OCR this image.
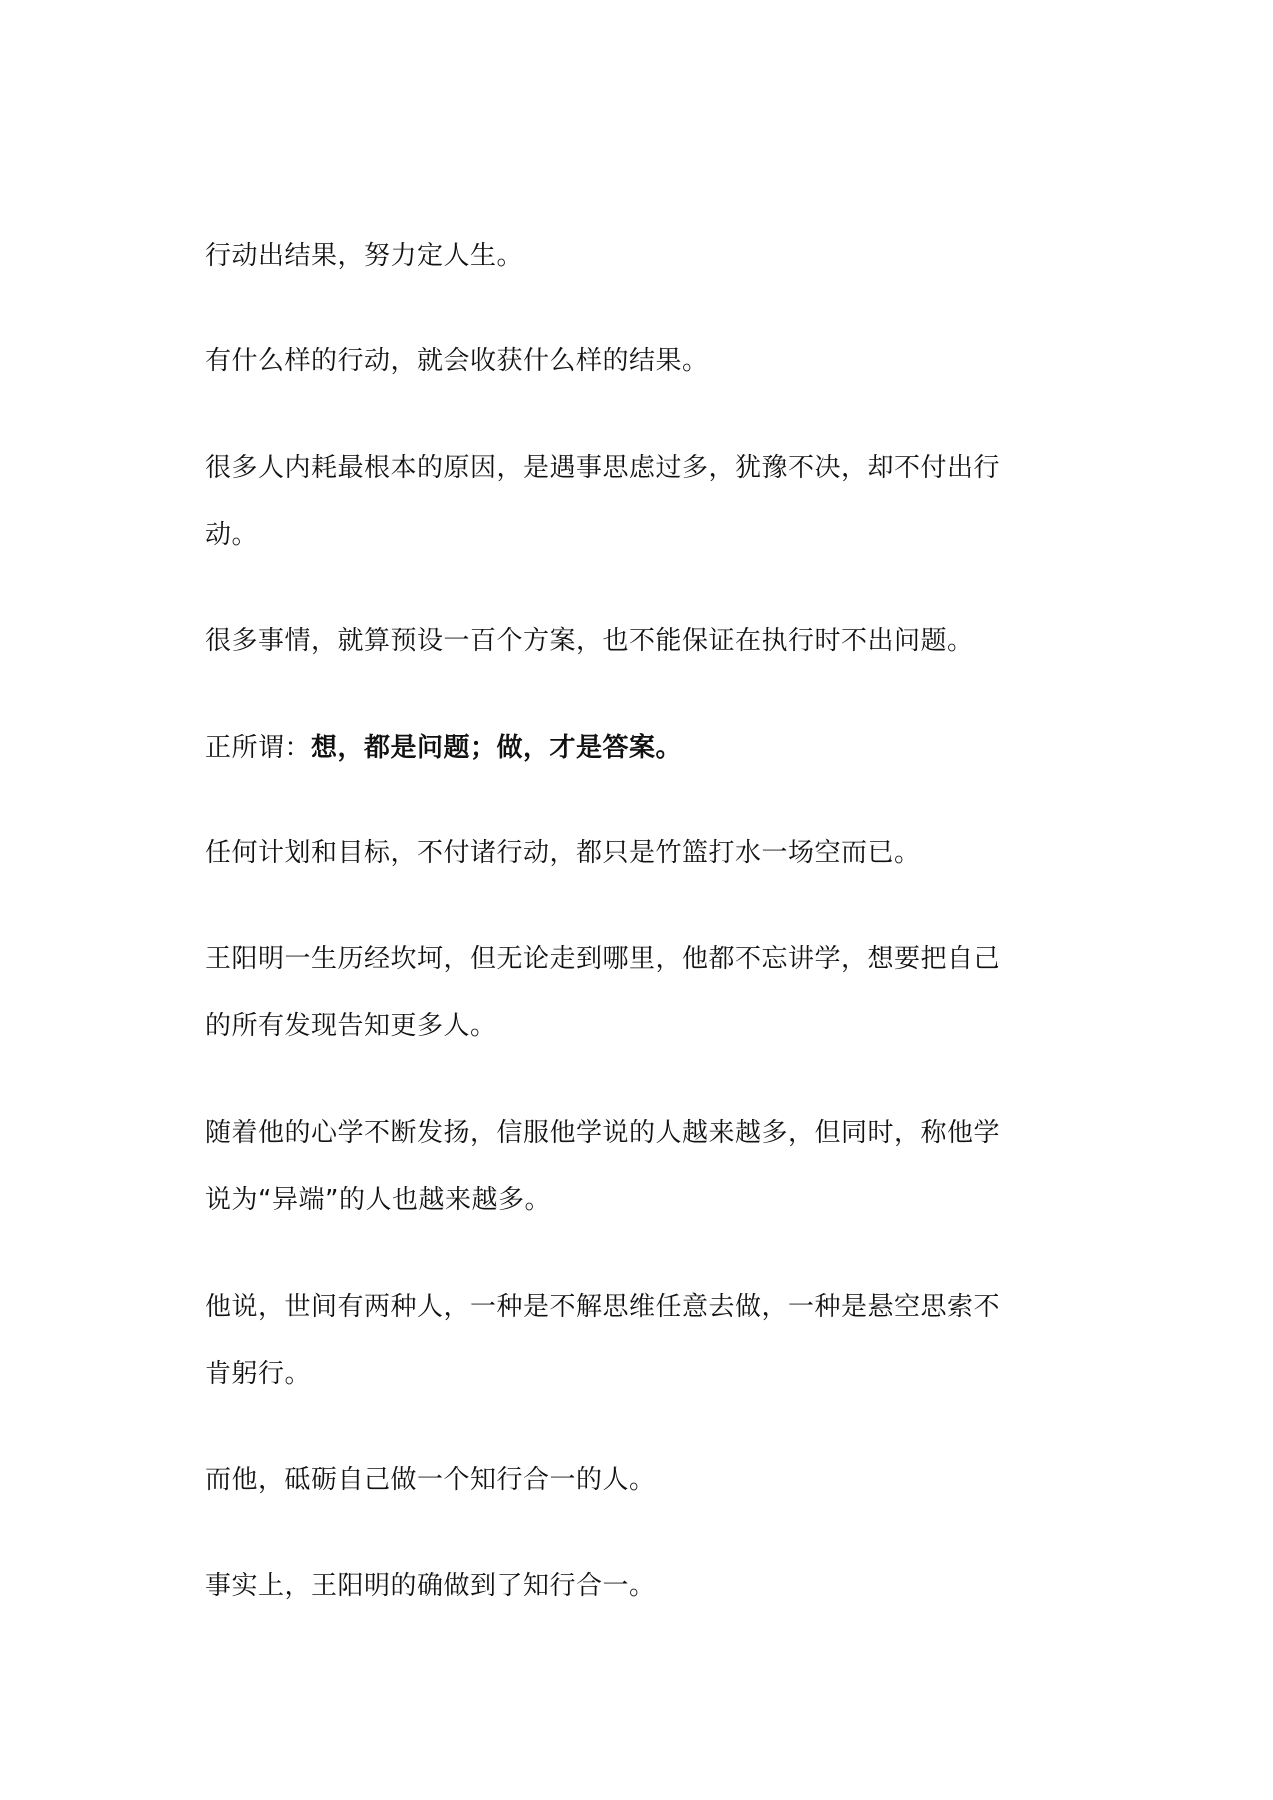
行动出结果，努力定人生。

有什么样的行动，就会收获什么样的结果。

很多人内耗最根本的原因，是遇事思虑过多，犹豫不决，却不付出行

动。

很多事情，就算预设一百个方案，也不能保证在执行时不出问题。

正所谓：想，都是问题；做，才是答案。

任何计划和目标，不付诸行动，都只是竹篮打水一场空而已。

王阳明一生历经坎坷，但无论走到哪里，他都不忘讲学，想要把自己

的所有发现告知更多人。

随着他的心学不断发扬，信服他学说的人越来越多，但同时，称他学

说为“异端”的人也越来越多。

他说，世间有两种人，一种是不解思维任意去做，一种是悬空思索不

肯躬行。

而他，砥砺自己做一个知行合一的人。

事实上，王阳明的确做到了知行合一。
